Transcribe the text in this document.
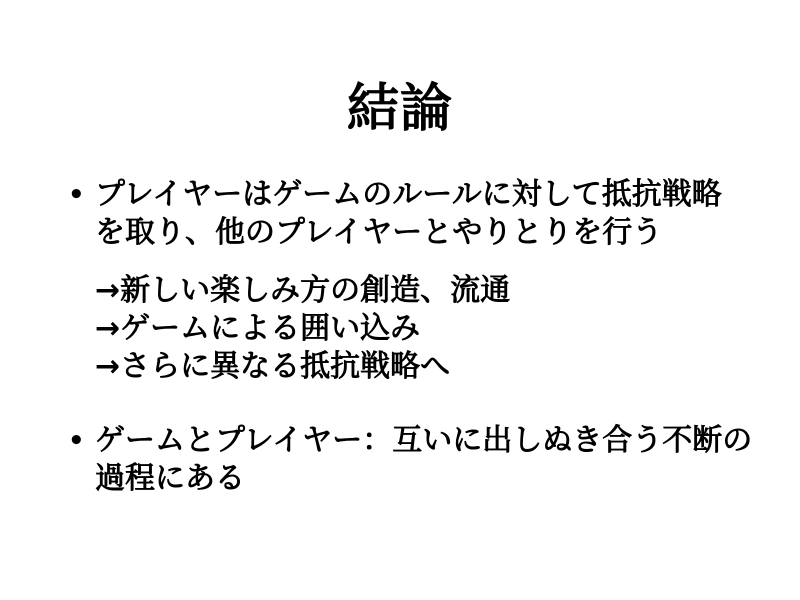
結論
• プレイヤーはゲームのルールに対して抵抗戦略
を取り、他のプレイヤーとやりとりを行う
→新しい楽しみ方の創造、流通
→ゲームによる囲い込み
→さらに異なる抵抗戦略へ
• ゲームとプレイヤー：互いに出しぬき合う不断の
過程にある
